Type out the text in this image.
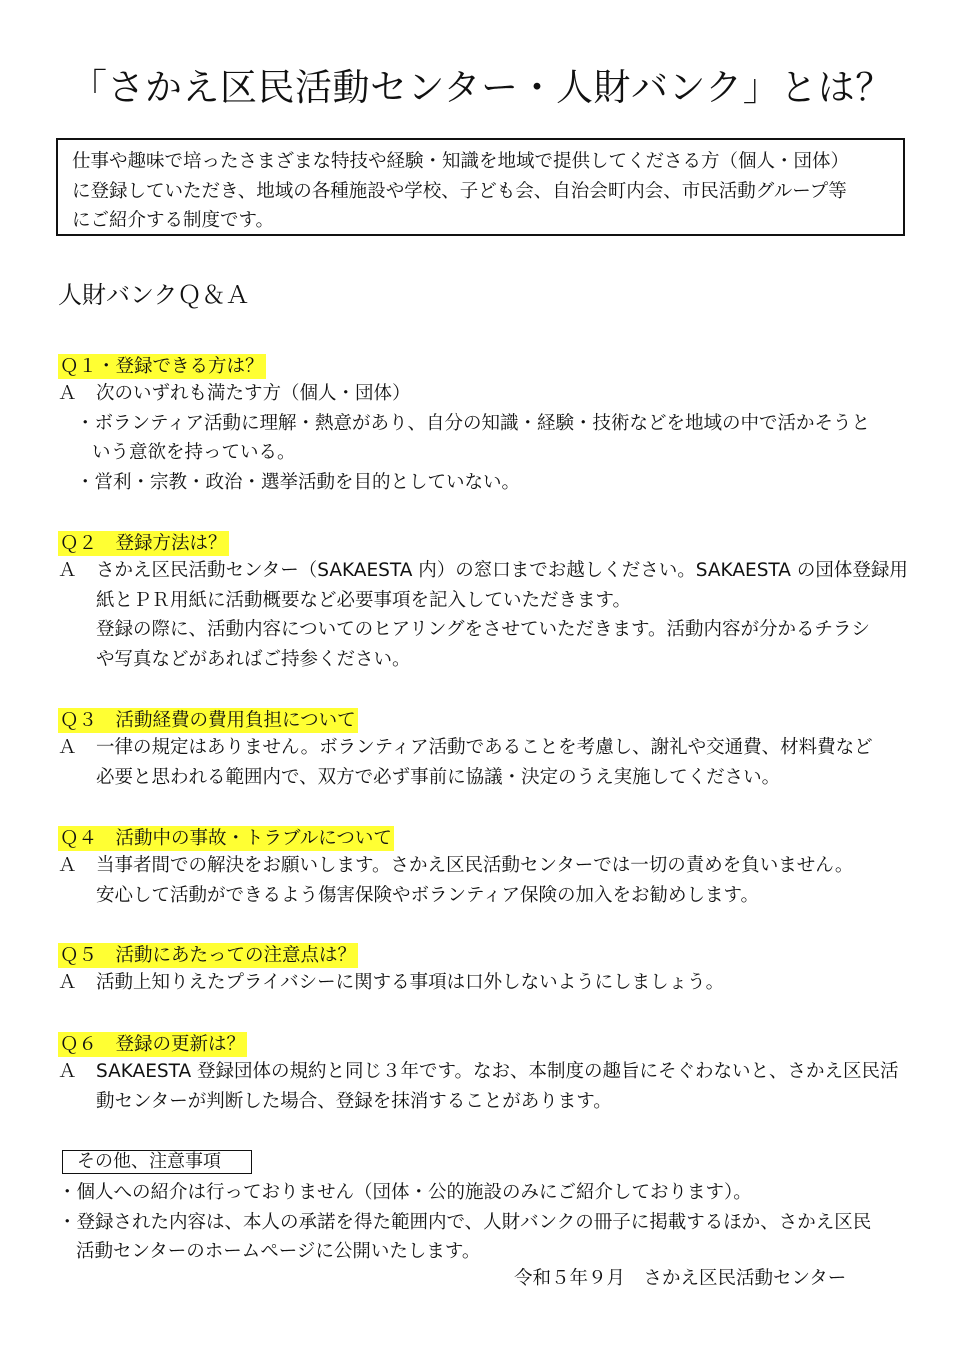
「さかえ区民活動センター・人財バンク」とは？

仕事や趣味で培ったさまざまな特技や経験・知識を地域で提供してくださる方（個人・団体）

に登録していただき、地域の各種施設や学校、子ども会、自治会町内会、市民活動グループ等

にご紹介する制度です。

人財バンクＱ＆Ａ
Ｑ１・登録できる方は？

Ａ 次のいずれも満たす方（個人・団体）

・ボランティア活動に理解・熱意があり、自分の知識・経験・技術などを地域の中で活かそうと

いう意欲を持っている。

・営利・宗教・政治・選挙活動を目的としていない。

Ｑ２　登録方法は？

Ａ さかえ区民活動センター（SAKAESTA 内）の窓口までお越しください。SAKAESTA の団体登録用

紙とＰＲ用紙に活動概要など必要事項を記入していただきます。

登録の際に、活動内容についてのヒアリングをさせていただきます。活動内容が分かるチラシ

や写真などがあればご持参ください。

Ｑ３　活動経費の費用負担について

Ａ 一律の規定はありません。ボランティア活動であることを考慮し、謝礼や交通費、材料費など

必要と思われる範囲内で、双方で必ず事前に協議・決定のうえ実施してください。

Ｑ４　活動中の事故・トラブルについて

Ａ 当事者間での解決をお願いします。さかえ区民活動センターでは一切の責めを負いません。

安心して活動ができるよう傷害保険やボランティア保険の加入をお勧めします。

Ｑ５　活動にあたっての注意点は？

Ａ 活動上知りえたプライバシーに関する事項は口外しないようにしましょう。

Ｑ６　登録の更新は？

Ａ SAKAESTA 登録団体の規約と同じ３年です。なお、本制度の趣旨にそぐわないと、さかえ区民活

動センターが判断した場合、登録を抹消することがあります。

その他、注意事項

・個人への紹介は行っておりません（団体・公的施設のみにご紹介しております）。

・登録された内容は、本人の承諾を得た範囲内で、人財バンクの冊子に掲載するほか、さかえ区民

活動センターのホームページに公開いたします。

令和５年９月　さかえ区民活動センター
